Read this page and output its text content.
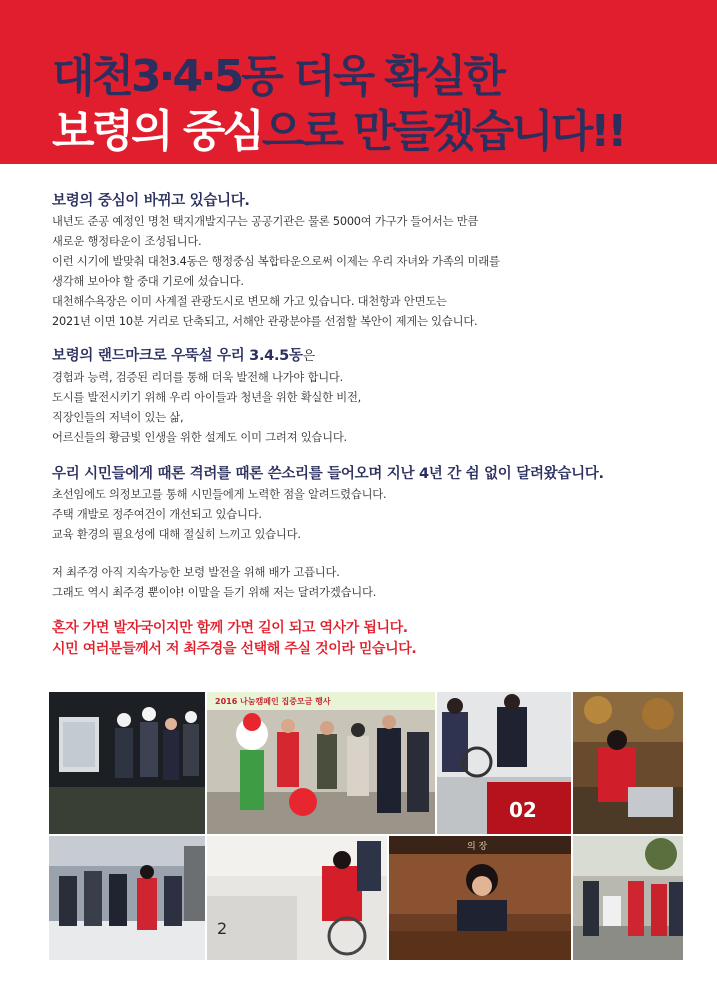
대천3·4·5동 더욱 확실한
보령의 중심으로 만들겠습니다!!
보령의 중심이 바뀌고 있습니다.
내년도 준공 예정인 명천 택지개발지구는 공공기관은 물론 5000여 가구가 들어서는 만큼
새로운 행정타운이 조성됩니다.
이런 시기에 발맞춰 대천3.4동은 행정중심 복합타운으로써 이제는 우리 자녀와 가족의 미래를
생각해 보아야 할 중대 기로에 섰습니다.
대천해수욕장은 이미 사계절 관광도시로 변모해 가고 있습니다. 대천항과 안면도는
2021년 이면 10분 거리로 단축되고, 서해안 관광분야를 선점할 복안이 제게는 있습니다.
보령의 랜드마크로 우뚝설 우리 3.4.5동은
경험과 능력, 검증된 리더를 통해 더욱 발전해 나가야 합니다.
도시를 발전시키기 위해 우리 아이들과 청년을 위한 확실한 비전,
직장인들의 저녁이 있는 삶,
어르신들의 황금빛 인생을 위한 설계도 이미 그려져 있습니다.
우리 시민들에게 때론 격려를 때론 쓴소리를 들어오며 지난 4년 간 쉼 없이 달려왔습니다.
초선임에도 의정보고를 통해 시민들에게 노력한 점을 알려드렸습니다.
주택 개발로 정주여건이 개선되고 있습니다.
교육 환경의 필요성에 대해 절실히 느끼고 있습니다.
저 최주경 아직 지속가능한 보령 발전을 위해 배가 고픕니다.
그래도 역시 최주경 뿐이야! 이말을 듣기 위해 저는 달려가겠습니다.
혼자 가면 발자국이지만 함께 가면 길이 되고 역사가 됩니다.
시민 여러분들께서 저 최주경을 선택해 주실 것이라 믿습니다.
2016 나눔캠페인 집중모금 행사
02
2
의 장
